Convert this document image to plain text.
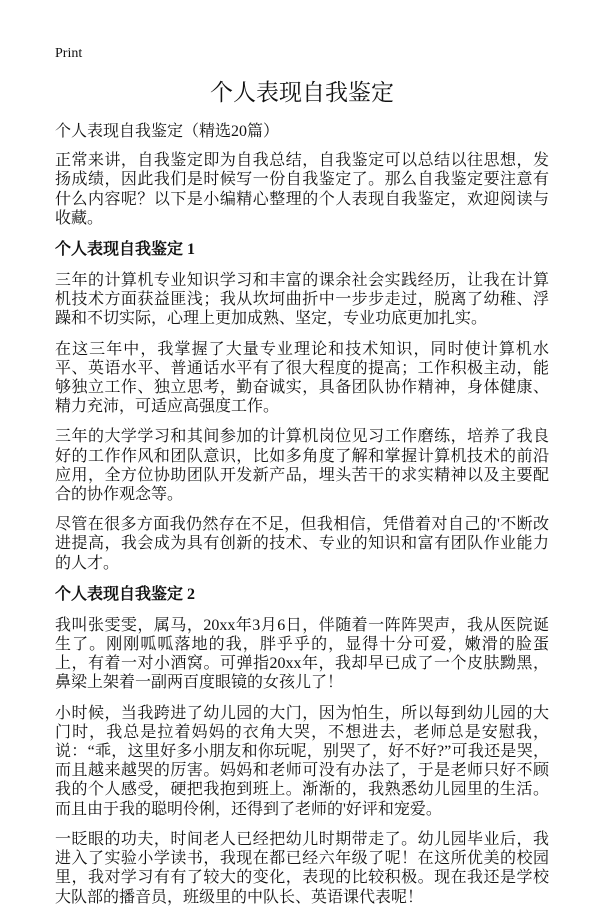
Print
个人表现自我鉴定

个人表现自我鉴定（精选20篇）

正常来讲，自我鉴定即为自我总结，自我鉴定可以总结以往思想，发扬成绩，因此我们是时候写一份自我鉴定了。那么自我鉴定要注意有什么内容呢？以下是小编精心整理的个人表现自我鉴定，欢迎阅读与收藏。

个人表现自我鉴定 1

三年的计算机专业知识学习和丰富的课余社会实践经历，让我在计算机技术方面获益匪浅；我从坎坷曲折中一步步走过，脱离了幼稚、浮躁和不切实际，心理上更加成熟、坚定，专业功底更加扎实。

在这三年中，我掌握了大量专业理论和技术知识，同时使计算机水平、英语水平、普通话水平有了很大程度的提高；工作积极主动，能够独立工作、独立思考，勤奋诚实，具备团队协作精神，身体健康、精力充沛，可适应高强度工作。

三年的大学学习和其间参加的计算机岗位见习工作磨练，培养了我良好的工作作风和团队意识，比如多角度了解和掌握计算机技术的前沿应用，全方位协助团队开发新产品，埋头苦干的求实精神以及主要配合的协作观念等。

尽管在很多方面我仍然存在不足，但我相信，凭借着对自己的'不断改进提高，我会成为具有创新的技术、专业的知识和富有团队作业能力的人才。

个人表现自我鉴定 2

我叫张雯雯，属马，20xx年3月6日，伴随着一阵阵哭声，我从医院诞生了。刚刚呱呱落地的我，胖乎乎的，显得十分可爱，嫩滑的脸蛋上，有着一对小酒窝。可弹指20xx年，我却早已成了一个皮肤黝黑，鼻梁上架着一副两百度眼镜的女孩儿了！

小时候，当我跨进了幼儿园的大门，因为怕生，所以每到幼儿园的大门时，我总是拉着妈妈的衣角大哭，不想进去，老师总是安慰我，说：“乖，这里好多小朋友和你玩呢，别哭了，好不好?”可我还是哭，而且越来越哭的厉害。妈妈和老师可没有办法了，于是老师只好不顾我的个人感受，硬把我抱到班上。渐渐的，我熟悉幼儿园里的生活。而且由于我的聪明伶俐，还得到了老师的'好评和宠爱。

一眨眼的功夫，时间老人已经把幼儿时期带走了。幼儿园毕业后，我进入了实验小学读书，我现在都已经六年级了呢！在这所优美的校园里，我对学习有有了较大的变化，表现的比较积极。现在我还是学校大队部的播音员，班级里的中队长、英语课代表呢！
